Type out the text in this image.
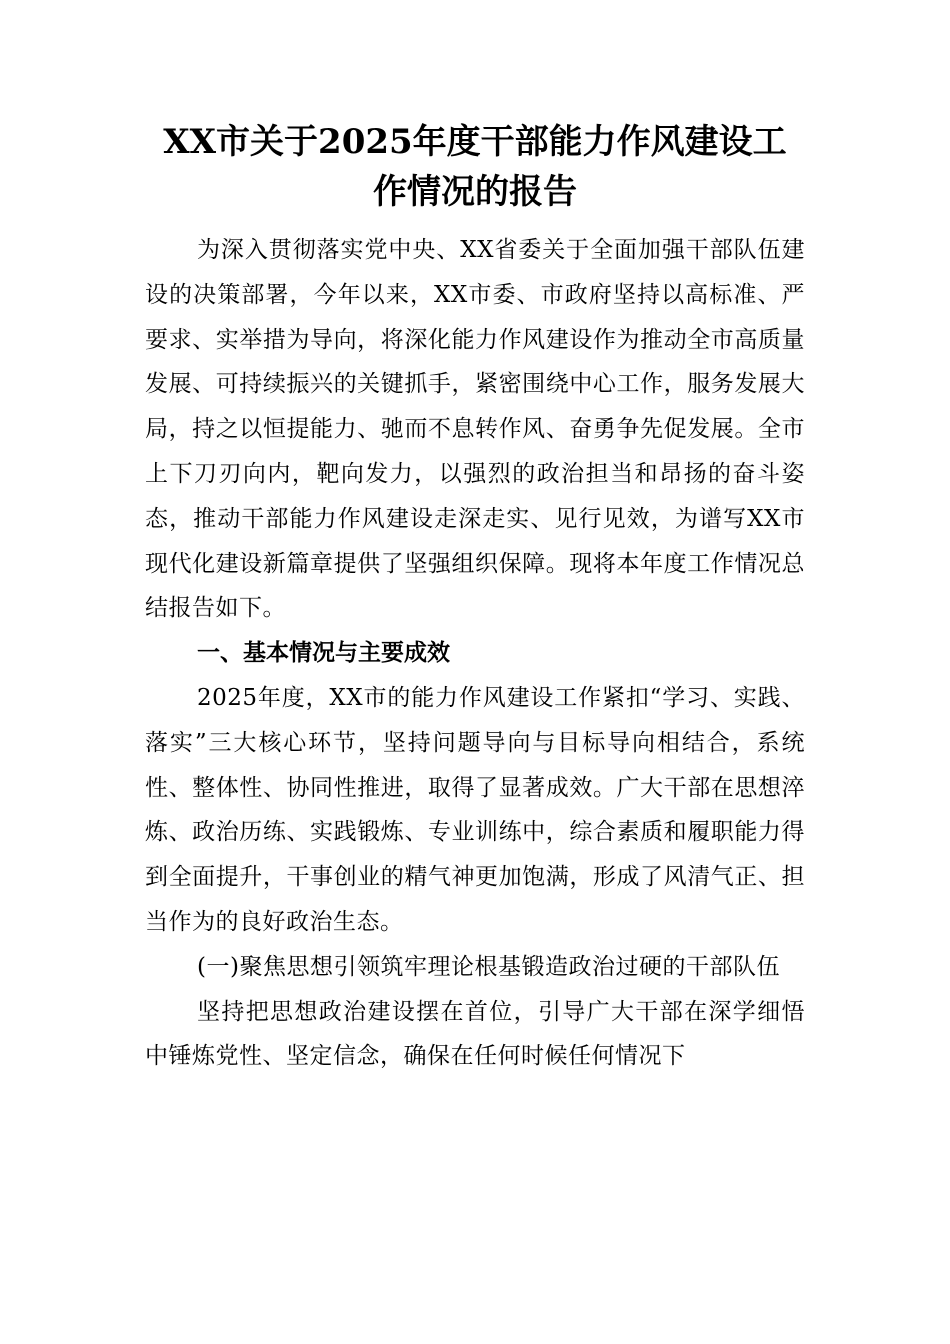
XX市关于2025年度干部能力作风建设工
作情况的报告

为深入贯彻落实党中央、XX省委关于全面加强干部队伍建设的决策部署，今年以来，XX市委、市政府坚持以高标准、严要求、实举措为导向，将深化能力作风建设作为推动全市高质量发展、可持续振兴的关键抓手，紧密围绕中心工作，服务发展大局，持之以恒提能力、驰而不息转作风、奋勇争先促发展。全市上下刀刃向内，靶向发力，以强烈的政治担当和昂扬的奋斗姿态，推动干部能力作风建设走深走实、见行见效，为谱写XX市现代化建设新篇章提供了坚强组织保障。现将本年度工作情况总结报告如下。

一、基本情况与主要成效

2025年度，XX市的能力作风建设工作紧扣“学习、实践、落实”三大核心环节，坚持问题导向与目标导向相结合，系统性、整体性、协同性推进，取得了显著成效。广大干部在思想淬炼、政治历练、实践锻炼、专业训练中，综合素质和履职能力得到全面提升，干事创业的精气神更加饱满，形成了风清气正、担当作为的良好政治生态。

(一)聚焦思想引领筑牢理论根基锻造政治过硬的干部队伍

坚持把思想政治建设摆在首位，引导广大干部在深学细悟中锤炼党性、坚定信念，确保在任何时候任何情况下
